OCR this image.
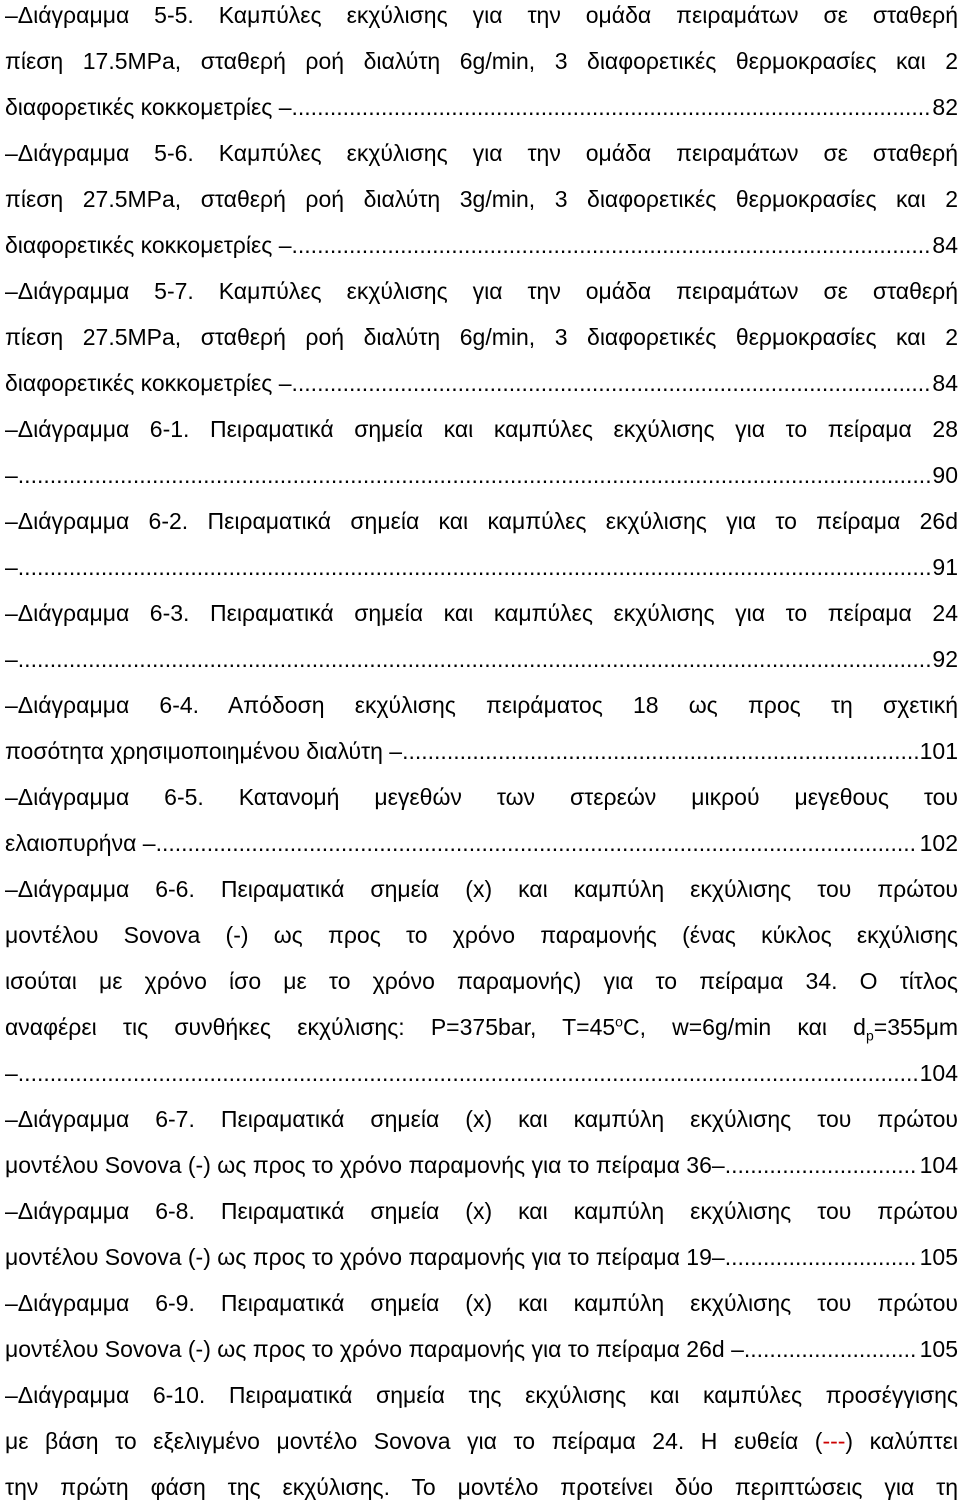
–Διάγραμμα 5-5. Καμπύλες εκχύλισης για την ομάδα πειραμάτων σε σταθερή
πίεση 17.5MPa, σταθερή ροή διαλύτη 6g/min, 3 διαφορετικές θερμοκρασίες και 2
διαφορετικές κοκκομετρίες – .....	82
–Διάγραμμα 5-6. Καμπύλες εκχύλισης για την ομάδα πειραμάτων σε σταθερή
πίεση 27.5MPa, σταθερή ροή διαλύτη 3g/min, 3 διαφορετικές θερμοκρασίες και 2
διαφορετικές κοκκομετρίες – .....	84
–Διάγραμμα 5-7. Καμπύλες εκχύλισης για την ομάδα πειραμάτων σε σταθερή
πίεση 27.5MPa, σταθερή ροή διαλύτη 6g/min, 3 διαφορετικές θερμοκρασίες και 2
διαφορετικές κοκκομετρίες – .....	84
–Διάγραμμα 6-1. Πειραματικά σημεία και καμπύλες εκχύλισης για το πείραμα 28
– .....	90
–Διάγραμμα 6-2. Πειραματικά σημεία και καμπύλες εκχύλισης για το πείραμα 26d
– .....	91
–Διάγραμμα 6-3. Πειραματικά σημεία και καμπύλες εκχύλισης για το πείραμα 24
– .....	92
–Διάγραμμα 6-4. Απόδοση εκχύλισης πειράματος 18 ως προς τη σχετική
ποσότητα χρησιμοποιημένου διαλύτη – .....	101
–Διάγραμμα 6-5. Κατανομή μεγεθών των στερεών μικρού μεγεθους του
ελαιοπυρήνα – .....	102
–Διάγραμμα 6-6. Πειραματικά σημεία (x) και καμπύλη εκχύλισης του πρώτου
μοντέλου Sovova (-) ως προς το χρόνο παραμονής (ένας κύκλος εκχύλισης
ισούται με χρόνο ίσο με το χρόνο παραμονής) για το πείραμα 34. Ο τίτλος
αναφέρει τις συνθήκες εκχύλισης: P=375bar, $T=45^oC$, w=6g/min και $d_p=355\mu m$
– .....	104
–Διάγραμμα 6-7. Πειραματικά σημεία (x) και καμπύλη εκχύλισης του πρώτου
μοντέλου Sovova (-) ως προς το χρόνο παραμονής για το πείραμα 36– .....	104
–Διάγραμμα 6-8. Πειραματικά σημεία (x) και καμπύλη εκχύλισης του πρώτου
μοντέλου Sovova (-) ως προς το χρόνο παραμονής για το πείραμα 19– .....	105
–Διάγραμμα 6-9. Πειραματικά σημεία (x) και καμπύλη εκχύλισης του πρώτου
μοντέλου Sovova (-) ως προς το χρόνο παραμονής για το πείραμα 26d – .....	105
–Διάγραμμα 6-10. Πειραματικά σημεία της εκχύλισης και καμπύλες προσέγγισης
με βάση το εξελιγμένο μοντέλο Sovova για το πείραμα 24. Η ευθεία (---) καλύπτει
την πρώτη φάση της εκχύλισης. Το μοντέλο προτείνει δύο περιπτώσεις για τη
